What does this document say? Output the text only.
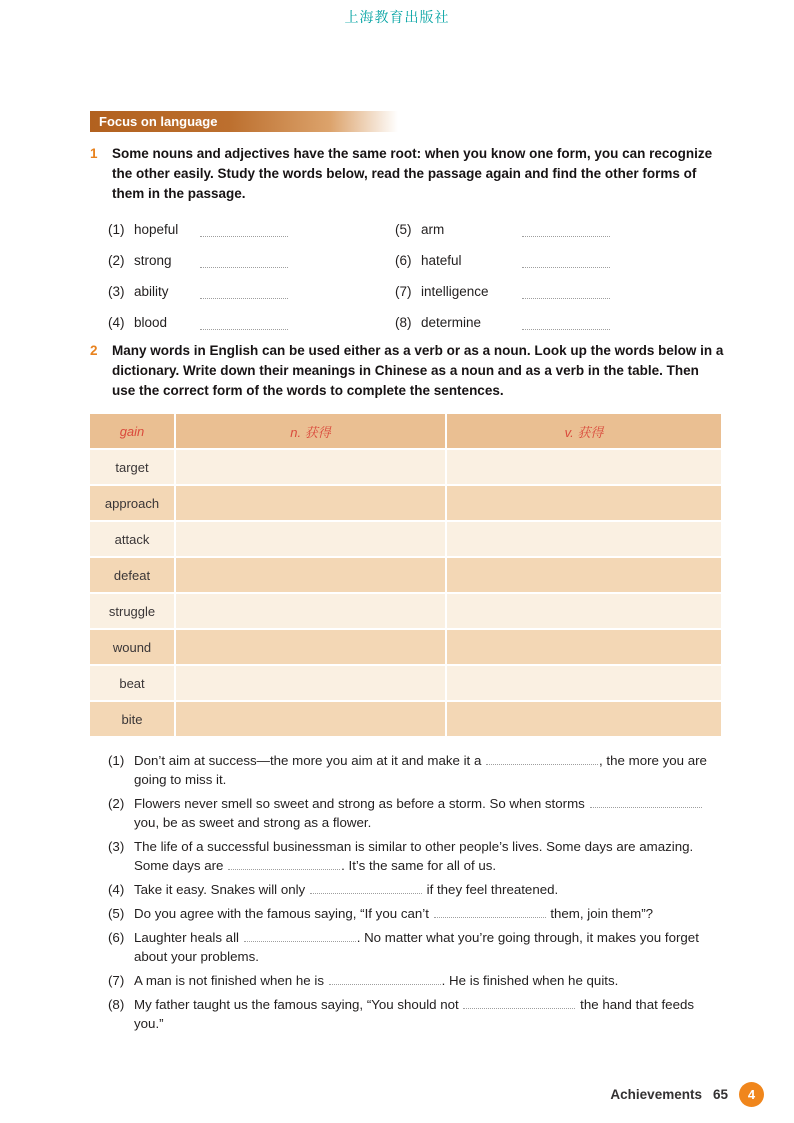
上海教育出版社
Focus on language
1	Some nouns and adjectives have the same root: when you know one form, you can recognize the other easily. Study the words below, read the passage again and find the other forms of them in the passage.

(1) hopeful
(2) strong
(3) ability
(4) blood
(5) arm
(6) hateful
(7) intelligence
(8) determine
2	Many words in English can be used either as a verb or as a noun. Look up the words below in a dictionary. Write down their meanings in Chinese as a noun and as a verb in the table. Then use the correct form of the words to complete the sentences.

gain	n. 获得	v. 获得
target
approach
attack
defeat
struggle
wound
beat
bite
(1) Don’t aim at success—the more you aim at it and make it a	, the more you are going to miss it.

(2) Flowers never smell so sweet and strong as before a storm. So when storms  you, be as sweet and strong as a flower.

(3) The life of a successful businessman is similar to other people’s lives. Some days are amazing. Some days are	. It’s the same for all of us.

(4) Take it easy. Snakes will only	if they feel threatened.

(5) Do you agree with the famous saying, “If you can’t	them, join them”?

(6) Laughter heals all	. No matter what you’re going through, it makes you forget about your problems.

(7) A man is not finished when he is	. He is finished when he quits.

(8) My father taught us the famous saying, “You should not	the hand that feeds you.”

Achievements 65	4
